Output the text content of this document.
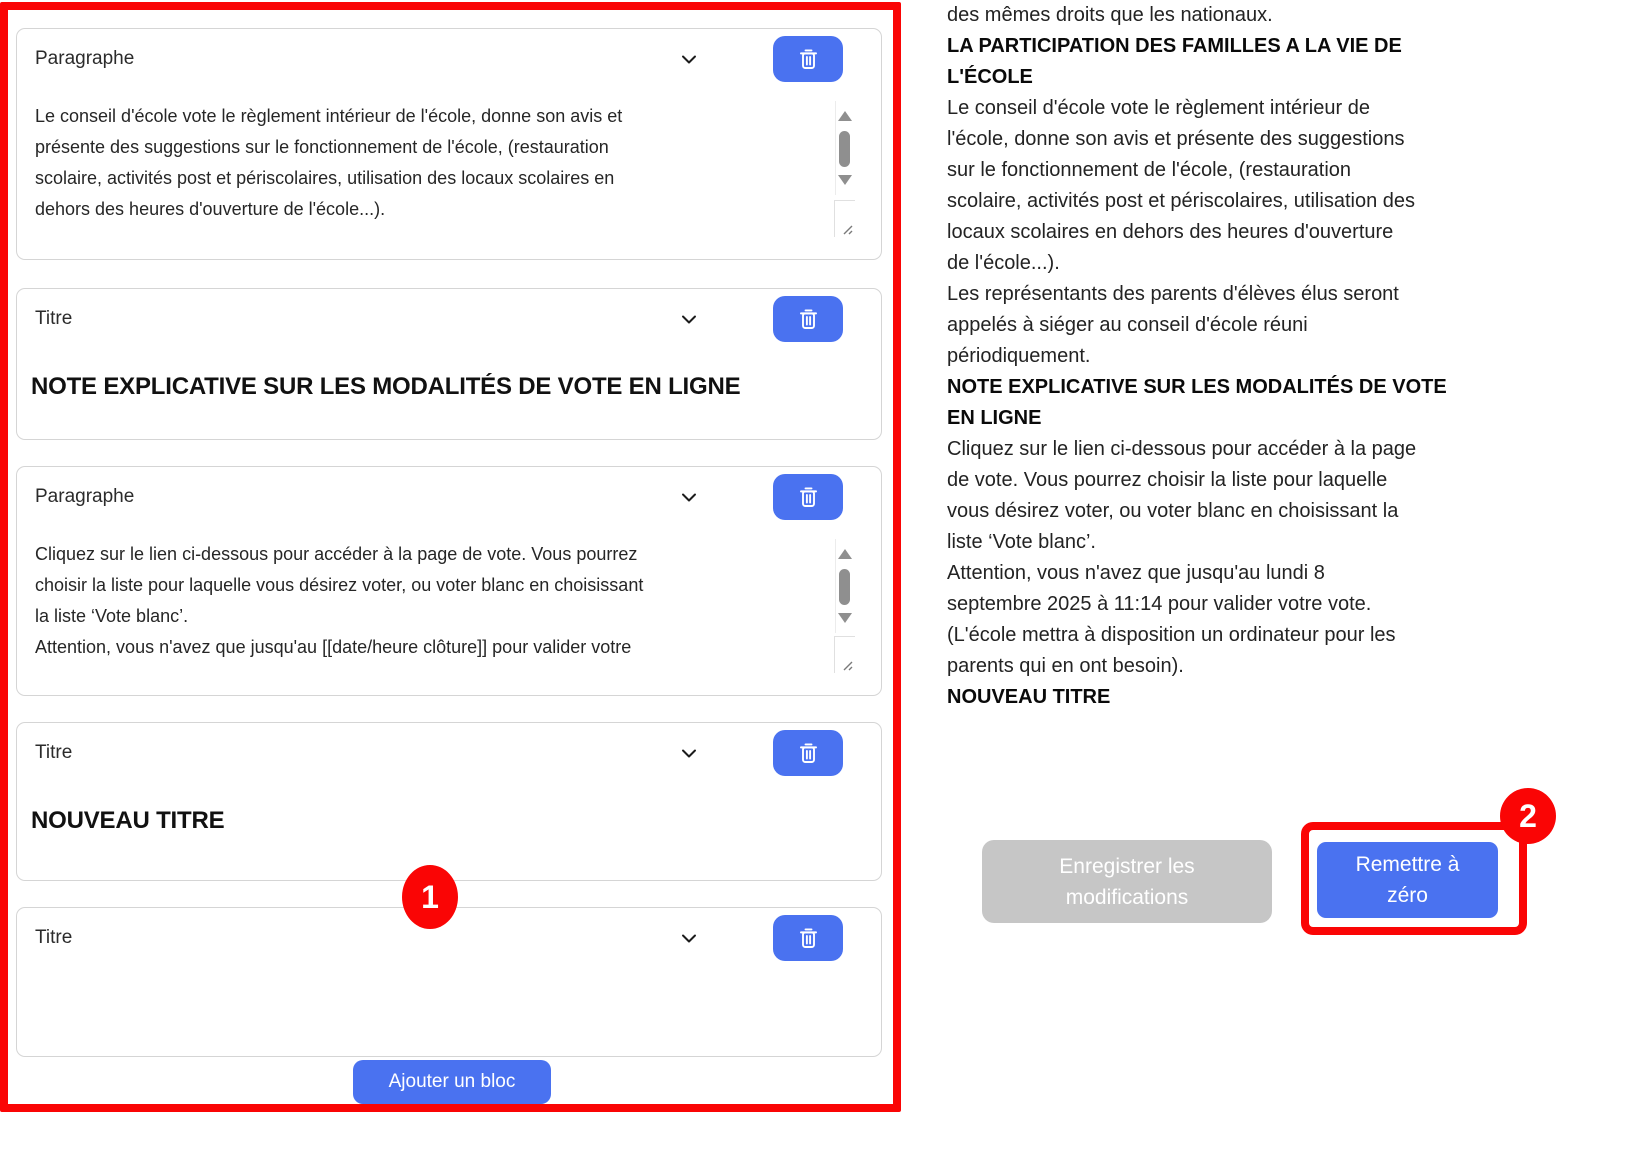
Paragraphe
Le conseil d'école vote le règlement intérieur de l'école, donne son avis et
présente des suggestions sur le fonctionnement de l'école, (restauration
scolaire, activités post et périscolaires, utilisation des locaux scolaires en
dehors des heures d'ouverture de l'école...).
Titre
NOTE EXPLICATIVE SUR LES MODALITÉS DE VOTE EN LIGNE
Paragraphe
Cliquez sur le lien ci-dessous pour accéder à la page de vote. Vous pourrez
choisir la liste pour laquelle vous désirez voter, ou voter blanc en choisissant
la liste ‘Vote blanc’.
Attention, vous n'avez que jusqu'au [[date/heure clôture]] pour valider votre
Titre
NOUVEAU TITRE
Titre
Ajouter un bloc
1
des mêmes droits que les nationaux.
LA PARTICIPATION DES FAMILLES A LA VIE DE
L'ÉCOLE
Le conseil d'école vote le règlement intérieur de
l'école, donne son avis et présente des suggestions
sur le fonctionnement de l'école, (restauration
scolaire, activités post et périscolaires, utilisation des
locaux scolaires en dehors des heures d'ouverture
de l'école...).
Les représentants des parents d'élèves élus seront
appelés à siéger au conseil d'école réuni
périodiquement.
NOTE EXPLICATIVE SUR LES MODALITÉS DE VOTE
EN LIGNE
Cliquez sur le lien ci-dessous pour accéder à la page
de vote. Vous pourrez choisir la liste pour laquelle
vous désirez voter, ou voter blanc en choisissant la
liste ‘Vote blanc’.
Attention, vous n'avez que jusqu'au lundi 8
septembre 2025 à 11:14 pour valider votre vote.
(L'école mettra à disposition un ordinateur pour les
parents qui en ont besoin).
NOUVEAU TITRE
Enregistrer les modifications
Remettre à zéro
2
